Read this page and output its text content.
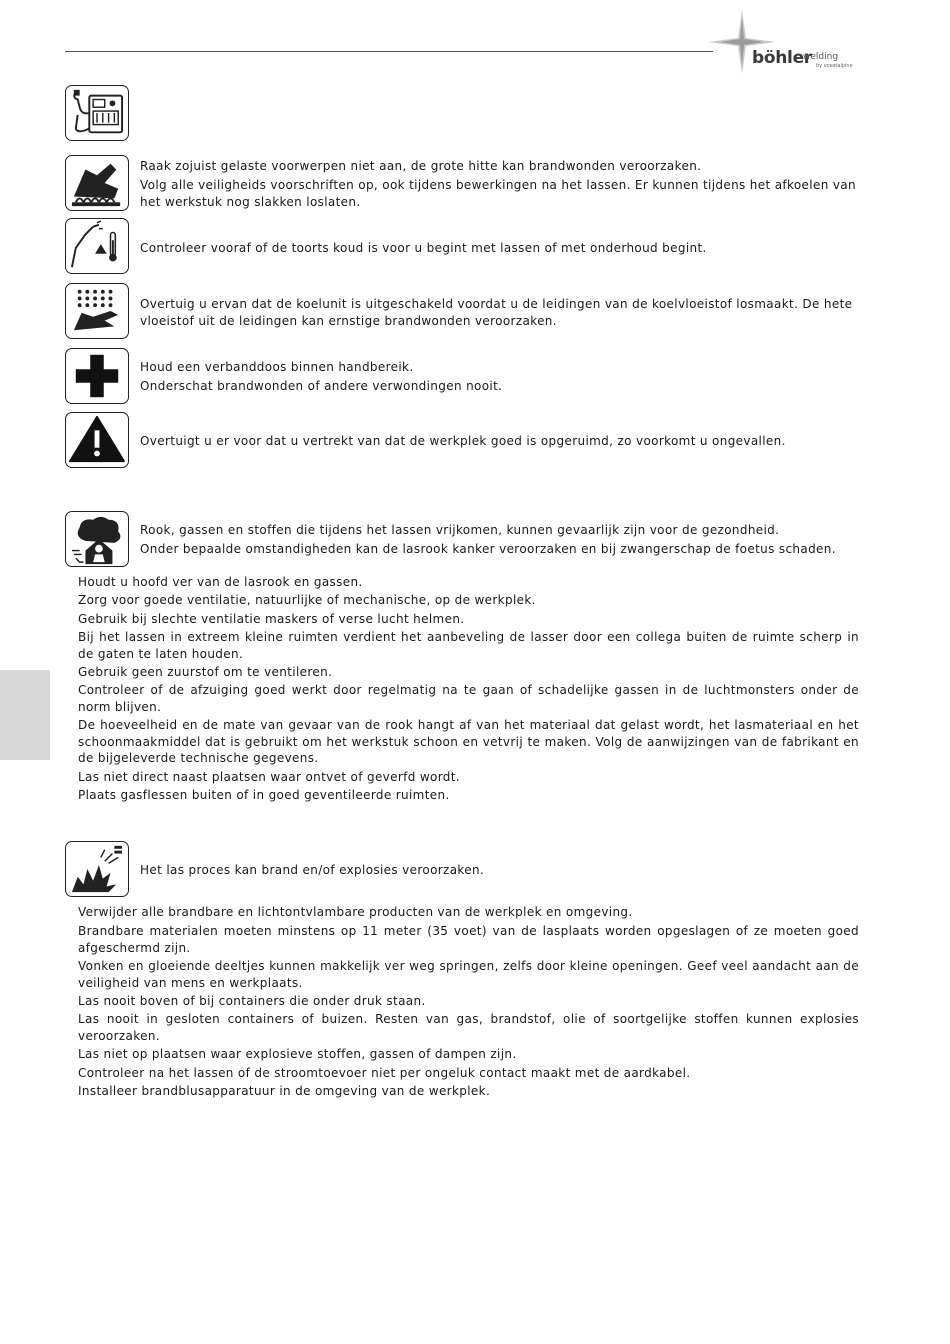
böhler
welding
by voestalpine

Raak zojuist gelaste voorwerpen niet aan, de grote hitte kan brandwonden veroorzaken.

Volg alle veiligheids voorschriften op, ook tijdens bewerkingen na het lassen. Er kunnen tijdens het afkoelen van het werkstuk nog slakken loslaten.

Controleer vooraf of de toorts koud is voor u begint met lassen of met onderhoud begint.

Overtuig u ervan dat de koelunit is uitgeschakeld voordat u de leidingen van de koelvloeistof losmaakt. De hete vloeistof uit de leidingen kan ernstige brandwonden veroorzaken.

Houd een verbanddoos binnen handbereik.

Onderschat brandwonden of andere verwondingen nooit.

Overtuigt u er voor dat u vertrekt van dat de werkplek goed is opgeruimd, zo voorkomt u ongevallen.

Rook, gassen en stoffen die tijdens het lassen vrijkomen, kunnen gevaarlijk zijn voor de gezondheid.

Onder bepaalde omstandigheden kan de lasrook kanker veroorzaken en bij zwangerschap de foetus schaden.

Houdt u hoofd ver van de lasrook en gassen.

Zorg voor goede ventilatie, natuurlijke of mechanische, op de werkplek.

Gebruik bij slechte ventilatie maskers of verse lucht helmen.

Bij het lassen in extreem kleine ruimten verdient het aanbeveling de lasser door een collega buiten de ruimte scherp in de gaten te laten houden.

Gebruik geen zuurstof om te ventileren.

Controleer of de afzuiging goed werkt door regelmatig na te gaan of schadelijke gassen in de luchtmonsters onder de norm blijven.

De hoeveelheid en de mate van gevaar van de rook hangt af van het materiaal dat gelast wordt, het lasmateriaal en het schoonmaakmiddel dat is gebruikt om het werkstuk schoon en vetvrij te maken. Volg de aanwijzingen van de fabrikant en de bijgeleverde technische gegevens.

Las niet direct naast plaatsen waar ontvet of geverfd wordt.

Plaats gasflessen buiten of in goed geventileerde ruimten.

Het las proces kan brand en/of explosies veroorzaken.

Verwijder alle brandbare en lichtontvlambare producten van de werkplek en omgeving.

Brandbare materialen moeten minstens op 11 meter (35 voet) van de lasplaats worden opgeslagen of ze moeten goed afgeschermd zijn.

Vonken en gloeiende deeltjes kunnen makkelijk ver weg springen, zelfs door kleine openingen. Geef veel aandacht aan de veiligheid van mens en werkplaats.

Las nooit boven of bij containers die onder druk staan.

Las nooit in gesloten containers of buizen. Resten van gas, brandstof, olie of soortgelijke stoffen kunnen explosies veroorzaken.

Las niet op plaatsen waar explosieve stoffen, gassen of dampen zijn.

Controleer na het lassen of de stroomtoevoer niet per ongeluk contact maakt met de aardkabel.

Installeer brandblusapparatuur in de omgeving van de werkplek.
